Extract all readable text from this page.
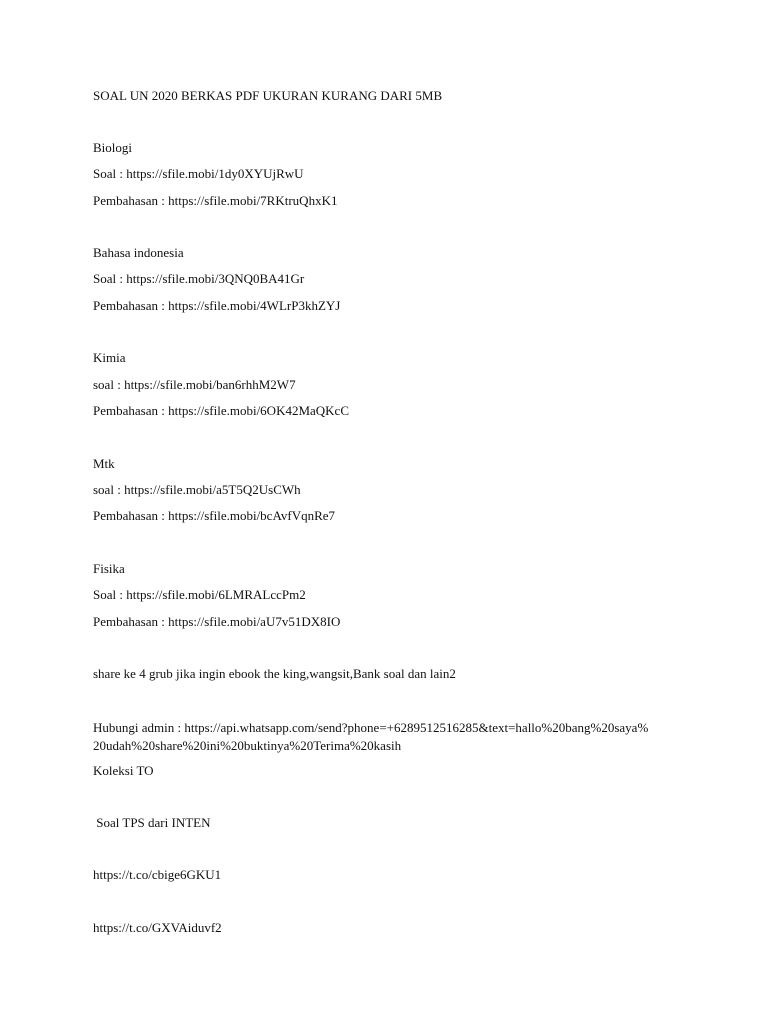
SOAL UN 2020 BERKAS PDF UKURAN KURANG DARI 5MB
Biologi
Soal : https://sfile.mobi/1dy0XYUjRwU
Pembahasan : https://sfile.mobi/7RKtruQhxK1
Bahasa indonesia
Soal : https://sfile.mobi/3QNQ0BA41Gr
Pembahasan : https://sfile.mobi/4WLrP3khZYJ
Kimia
soal : https://sfile.mobi/ban6rhhM2W7
Pembahasan : https://sfile.mobi/6OK42MaQKcC
Mtk
soal : https://sfile.mobi/a5T5Q2UsCWh
Pembahasan : https://sfile.mobi/bcAvfVqnRe7
Fisika
Soal : https://sfile.mobi/6LMRALccPm2
Pembahasan : https://sfile.mobi/aU7v51DX8IO
share ke 4 grub jika ingin ebook the king,wangsit,Bank soal dan lain2
Hubungi admin : https://api.whatsapp.com/send?phone=+6289512516285&text=hallo%20bang%20saya%20udah%20share%20ini%20buktinya%20Terima%20kasih
Koleksi TO
Soal TPS dari INTEN
https://t.co/cbige6GKU1
https://t.co/GXVAiduvf2
